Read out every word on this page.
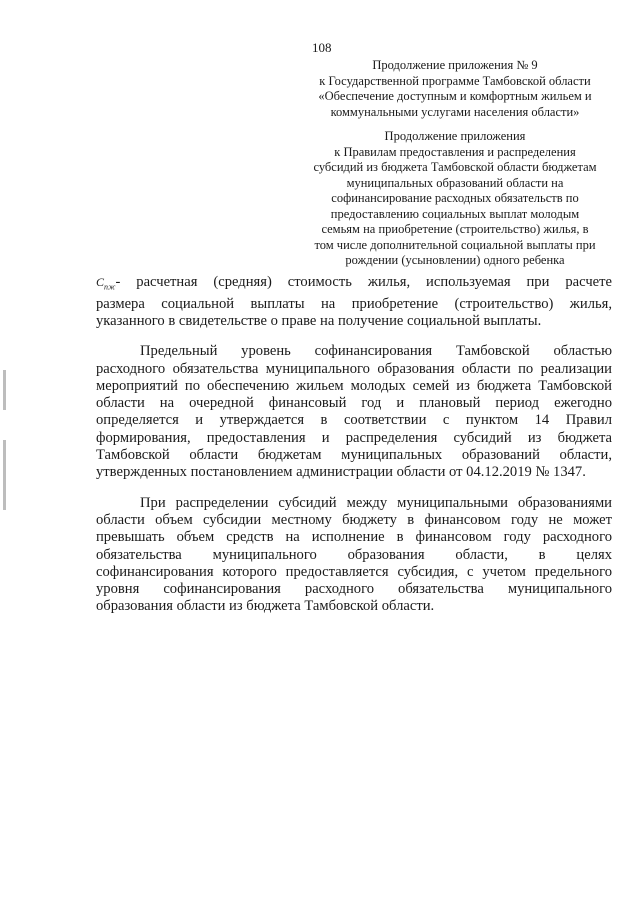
108
Продолжение приложения № 9
к Государственной программе Тамбовской области
«Обеспечение доступным и комфортным жильем и
коммунальными услугами населения области»
Продолжение приложения
к Правилам предоставления и распределения
субсидий из бюджета Тамбовской области бюджетам
муниципальных образований области на
софинансирование расходных обязательств по
предоставлению социальных выплат молодым
семьям на приобретение (строительство) жилья, в
том числе дополнительной социальной выплаты при
рождении (усыновлении) одного ребенка
$С_{пж}-$ расчетная (средняя) стоимость жилья, используемая при расчете
размера социальной выплаты на приобретение (строительство) жилья,
указанного в свидетельстве о праве на получение социальной выплаты.
Предельный уровень софинансирования Тамбовской областью
расходного обязательства муниципального образования области по реализации
мероприятий по обеспечению жильем молодых семей из бюджета Тамбовской
области на очередной финансовый год и плановый период ежегодно
определяется и утверждается в соответствии с пунктом 14 Правил
формирования, предоставления и распределения субсидий из бюджета
Тамбовской области бюджетам муниципальных образований области,
утвержденных постановлением администрации области от 04.12.2019 № 1347.
При распределении субсидий между муниципальными образованиями
области объем субсидии местному бюджету в финансовом году не может
превышать объем средств на исполнение в финансовом году расходного
обязательства муниципального образования области, в целях
софинансирования которого предоставляется субсидия, с учетом предельного
уровня софинансирования расходного обязательства муниципального
образования области из бюджета Тамбовской области.
